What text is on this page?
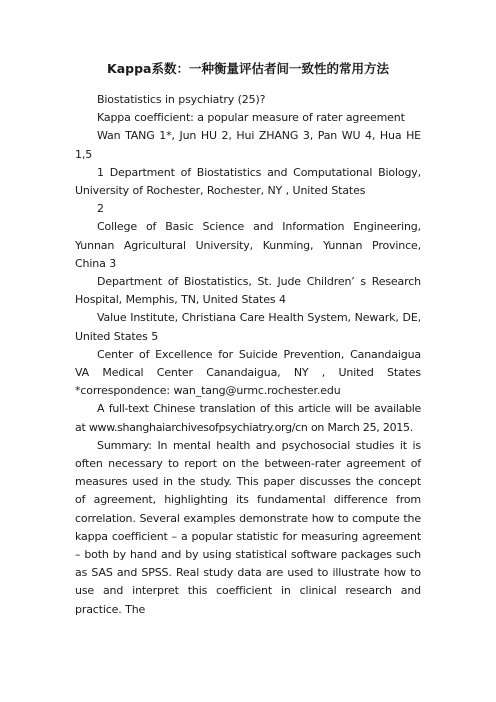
Kappa系数：一种衡量评估者间一致性的常用方法

Biostatistics in psychiatry (25)?

Kappa coefficient: a popular measure of rater agreement

Wan TANG 1*, Jun HU 2, Hui ZHANG 3, Pan WU 4, Hua HE 1,5

1 Department of Biostatistics and Computational Biology, University of Rochester, Rochester, NY , United States

2

College of Basic Science and Information Engineering, Yunnan Agricultural University, Kunming, Yunnan Province, China 3

Department of Biostatistics, St. Jude Children’ s Research Hospital, Memphis, TN, United States 4

Value Institute, Christiana Care Health System, Newark, DE, United States 5

Center of Excellence for Suicide Prevention, Canandaigua VA Medical Center Canandaigua, NY , United States *correspondence: wan_tang@urmc.rochester.edu

A full-text Chinese translation of this article will be available at www.shanghaiarchivesofpsychiatry.org/cn on March 25, 2015.

Summary: In mental health and psychosocial studies it is often necessary to report on the between-rater agreement of measures used in the study. This paper discusses the concept of agreement, highlighting its fundamental difference from correlation. Several examples demonstrate how to compute the kappa coefficient – a popular statistic for measuring agreement – both by hand and by using statistical software packages such as SAS and SPSS. Real study data are used to illustrate how to use and interpret this coefficient in clinical research and practice. The
